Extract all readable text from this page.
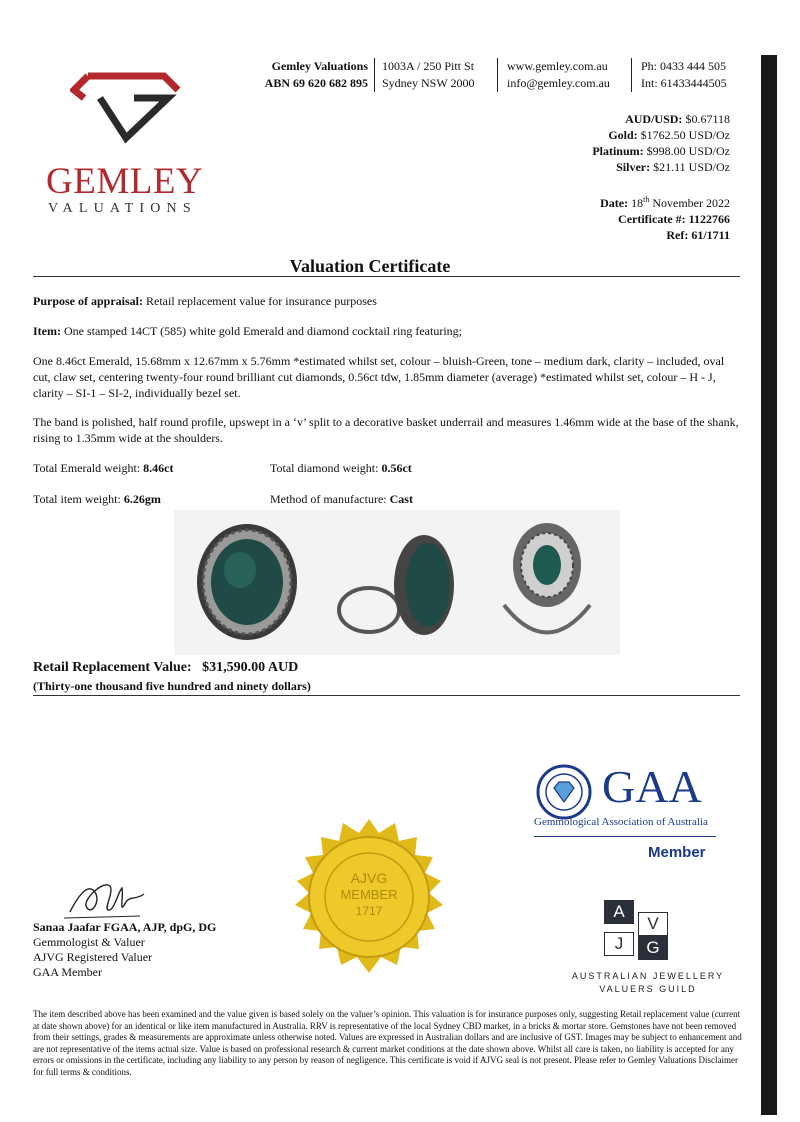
GEMLEY
VALUATIONS
Gemley Valuations
ABN 69 620 682 895
1003A / 250 Pitt St
Sydney NSW 2000
www.gemley.com.au
info@gemley.com.au
Ph: 0433 444 505
Int: 61433444505
AUD/USD: $0.67118
Gold: $1762.50 USD/Oz
Platinum: $998.00 USD/Oz
Silver: $21.11 USD/Oz
Date: 18th November 2022
Certificate #: 1122766
Ref: 61/1711
Valuation Certificate
Purpose of appraisal: Retail replacement value for insurance purposes
Item: One stamped 14CT (585) white gold Emerald and diamond cocktail ring featuring;
One 8.46ct Emerald, 15.68mm x 12.67mm x 5.76mm *estimated whilst set, colour – bluish-Green, tone – medium dark, clarity – included, oval cut, claw set, centering twenty-four round brilliant cut diamonds, 0.56ct tdw, 1.85mm diameter (average) *estimated whilst set, colour – H - J, clarity – SI-1 – SI-2, individually bezel set.
The band is polished, half round profile, upswept in a ‘v’ split to a decorative basket underrail and measures 1.46mm wide at the base of the shank, rising to 1.35mm wide at the shoulders.
Total Emerald weight: 8.46ct	Total diamond weight: 0.56ct
Total item weight: 6.26gm	Method of manufacture: Cast
Retail Replacement Value: $31,590.00 AUD
(Thirty-one thousand five hundred and ninety dollars)
GAA
Gemmological Association of Australia
Member
AJVG
MEMBER
1717	A
V
J	G
AUSTRALIAN JEWELLERY
VALUERS GUILD
Sanaa Jaafar FGAA, AJP, dpG, DG
Gemmologist & Valuer
AJVG Registered Valuer
GAA Member
The item described above has been examined and the value given is based solely on the valuer’s opinion. This valuation is for insurance purposes only, suggesting Retail replacement value (current at date shown above) for an identical or like item manufactured in Australia. RRV is representative of the local Sydney CBD market, in a bricks & mortar store. Gemstones have not been removed from their settings, grades & measurements are approximate unless otherwise noted. Values are expressed in Australian dollars and are inclusive of GST. Images may be subject to enhancement and are not representative of the items actual size. Value is based on professional research & current market conditions at the date shown above. Whilst all care is taken, no liability is accepted for any errors or omissions in the certificate, including any liability to any person by reason of negligence. This certificate is void if AJVG seal is not present. Please refer to Gemley Valuations Disclaimer for full terms & conditions.
